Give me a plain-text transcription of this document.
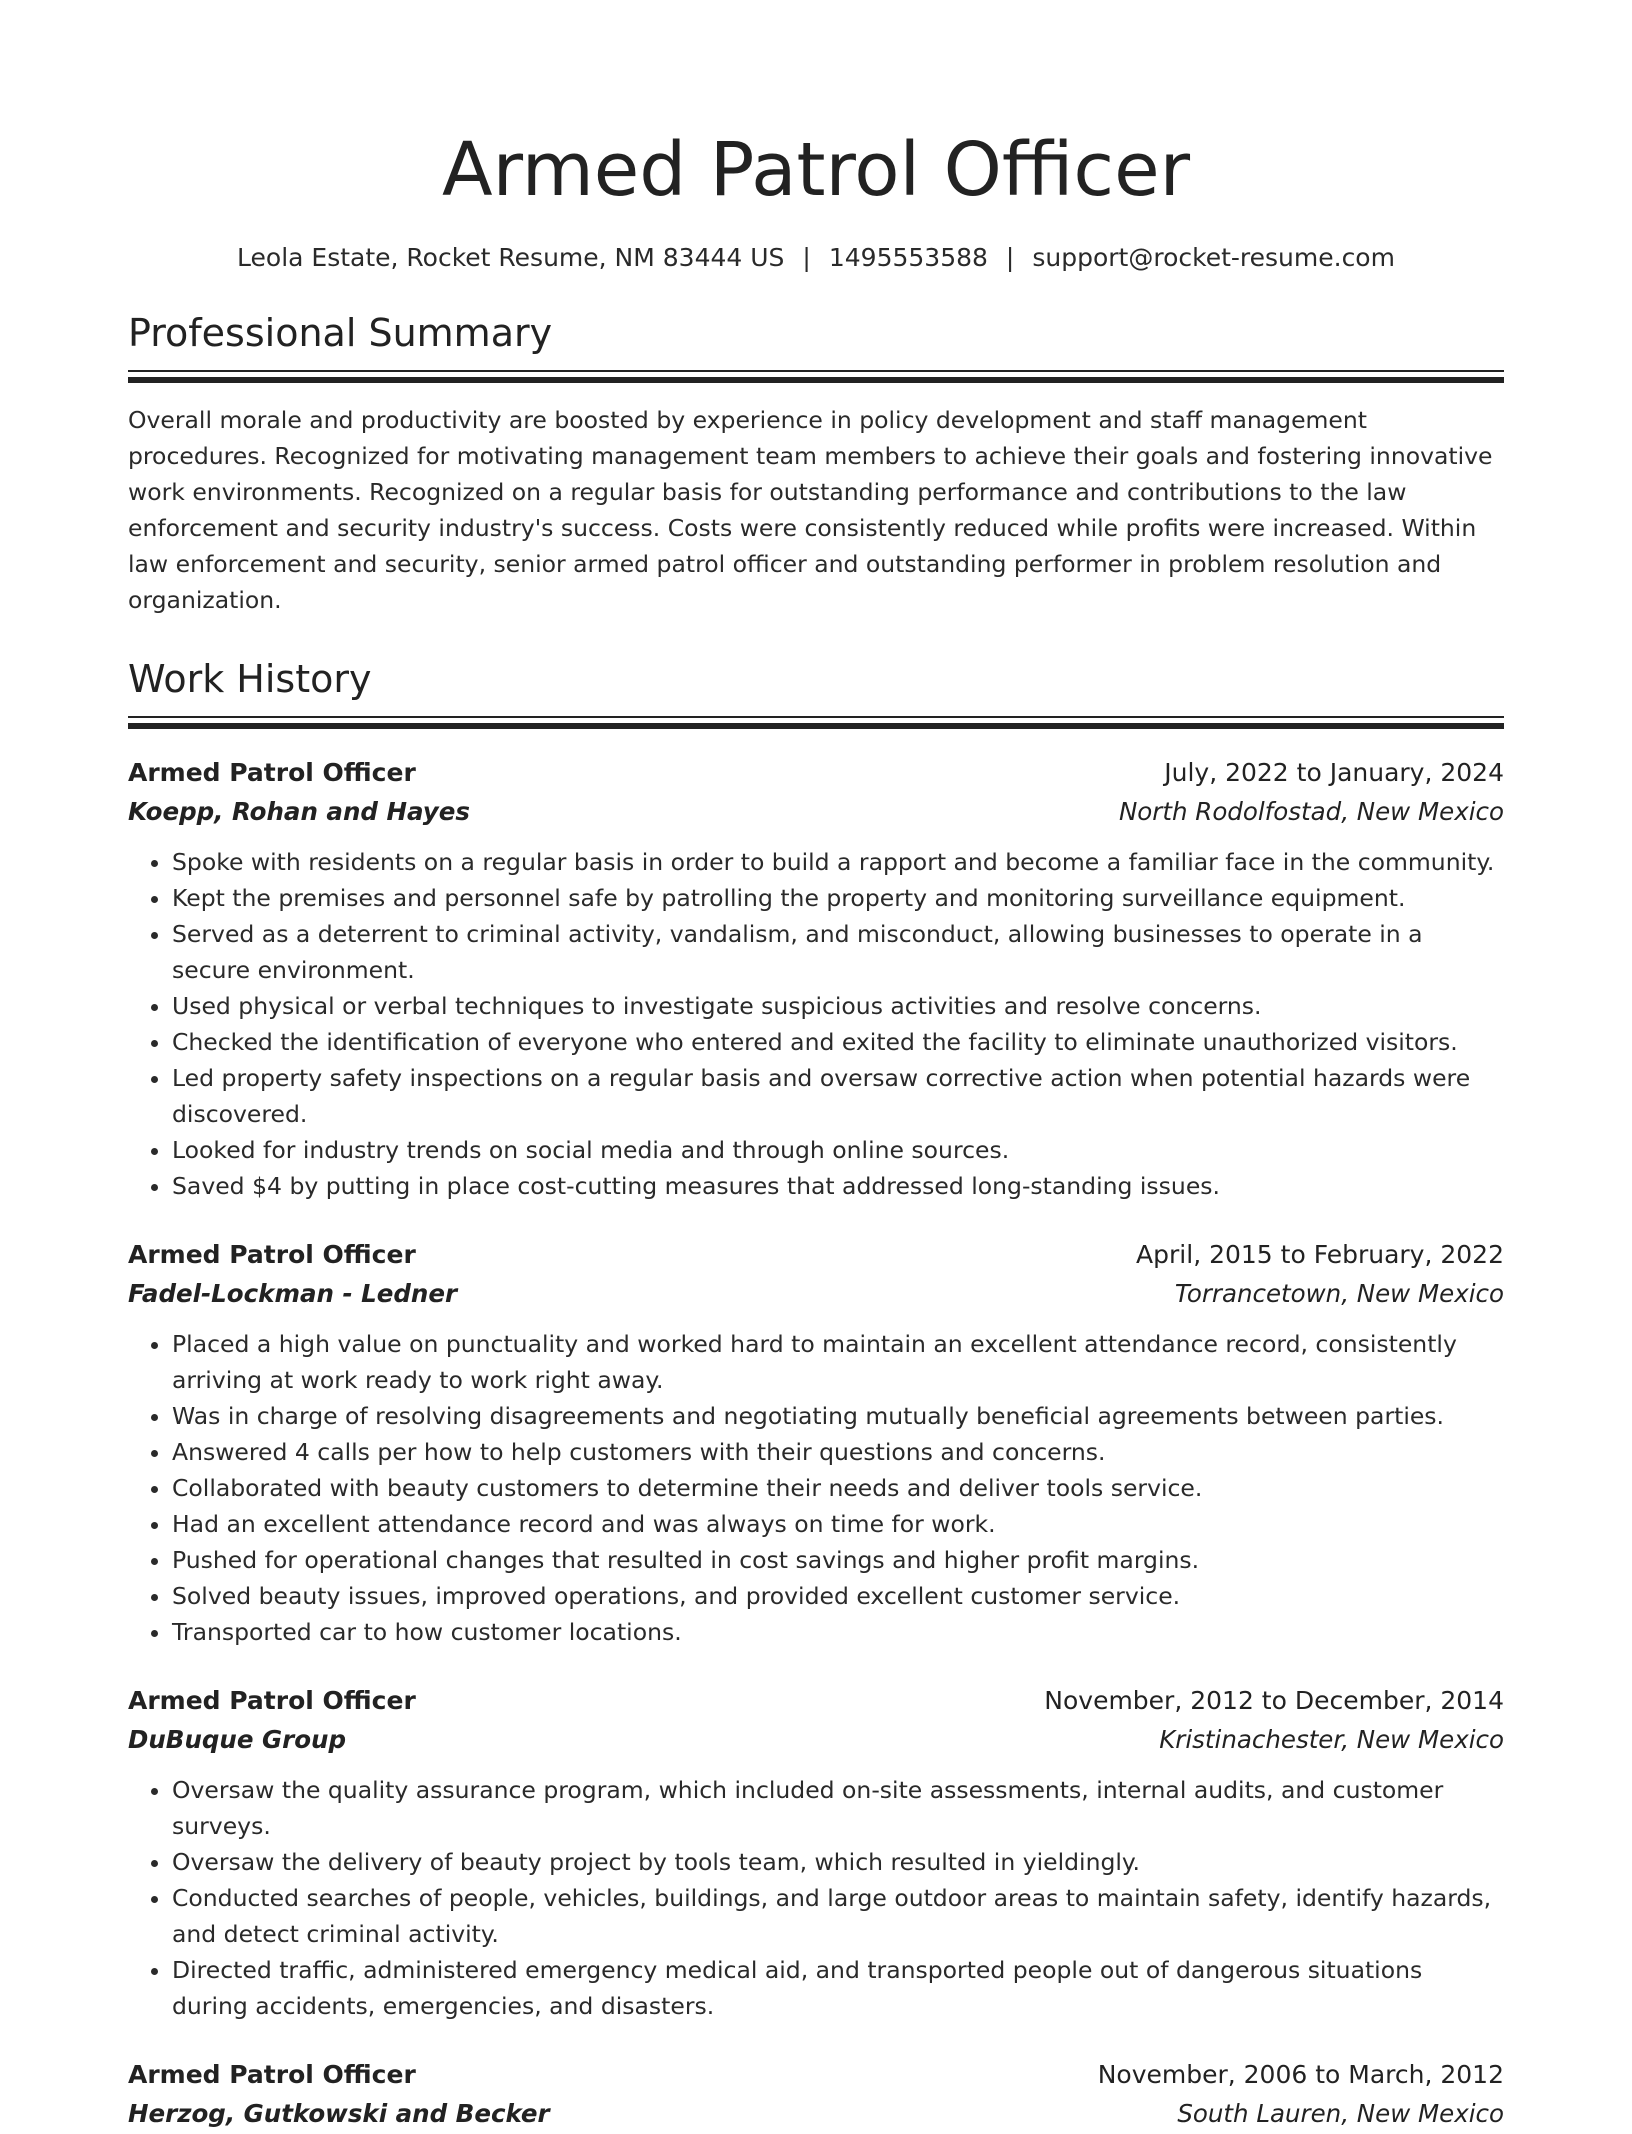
Armed Patrol Officer
Leola Estate, Rocket Resume, NM 83444 US | 1495553588 | support@rocket-resume.com
Professional Summary

Overall morale and productivity are boosted by experience in policy development and staff management procedures. Recognized for motivating management team members to achieve their goals and fostering innovative work environments. Recognized on a regular basis for outstanding performance and contributions to the law enforcement and security industry's success. Costs were consistently reduced while profits were increased. Within law enforcement and security, senior armed patrol officer and outstanding performer in problem resolution and organization.

Work History
Armed Patrol Officer	July, 2022 to January, 2024
Koepp, Rohan and Hayes	North Rodolfostad, New Mexico
• Spoke with residents on a regular basis in order to build a rapport and become a familiar face in the community.
• Kept the premises and personnel safe by patrolling the property and monitoring surveillance equipment.
• Served as a deterrent to criminal activity, vandalism, and misconduct, allowing businesses to operate in a secure environment.
• Used physical or verbal techniques to investigate suspicious activities and resolve concerns.
• Checked the identification of everyone who entered and exited the facility to eliminate unauthorized visitors.
• Led property safety inspections on a regular basis and oversaw corrective action when potential hazards were discovered.
• Looked for industry trends on social media and through online sources.
• Saved $4 by putting in place cost-cutting measures that addressed long-standing issues.
Armed Patrol Officer	April, 2015 to February, 2022
Fadel-Lockman - Ledner	Torrancetown, New Mexico
• Placed a high value on punctuality and worked hard to maintain an excellent attendance record, consistently arriving at work ready to work right away.
• Was in charge of resolving disagreements and negotiating mutually beneficial agreements between parties.
• Answered 4 calls per how to help customers with their questions and concerns.
• Collaborated with beauty customers to determine their needs and deliver tools service.
• Had an excellent attendance record and was always on time for work.
• Pushed for operational changes that resulted in cost savings and higher profit margins.
• Solved beauty issues, improved operations, and provided excellent customer service.
• Transported car to how customer locations.
Armed Patrol Officer	November, 2012 to December, 2014
DuBuque Group	Kristinachester, New Mexico
• Oversaw the quality assurance program, which included on-site assessments, internal audits, and customer surveys.
• Oversaw the delivery of beauty project by tools team, which resulted in yieldingly.
• Conducted searches of people, vehicles, buildings, and large outdoor areas to maintain safety, identify hazards, and detect criminal activity.
• Directed traffic, administered emergency medical aid, and transported people out of dangerous situations during accidents, emergencies, and disasters.
Armed Patrol Officer	November, 2006 to March, 2012
Herzog, Gutkowski and Becker	South Lauren, New Mexico
